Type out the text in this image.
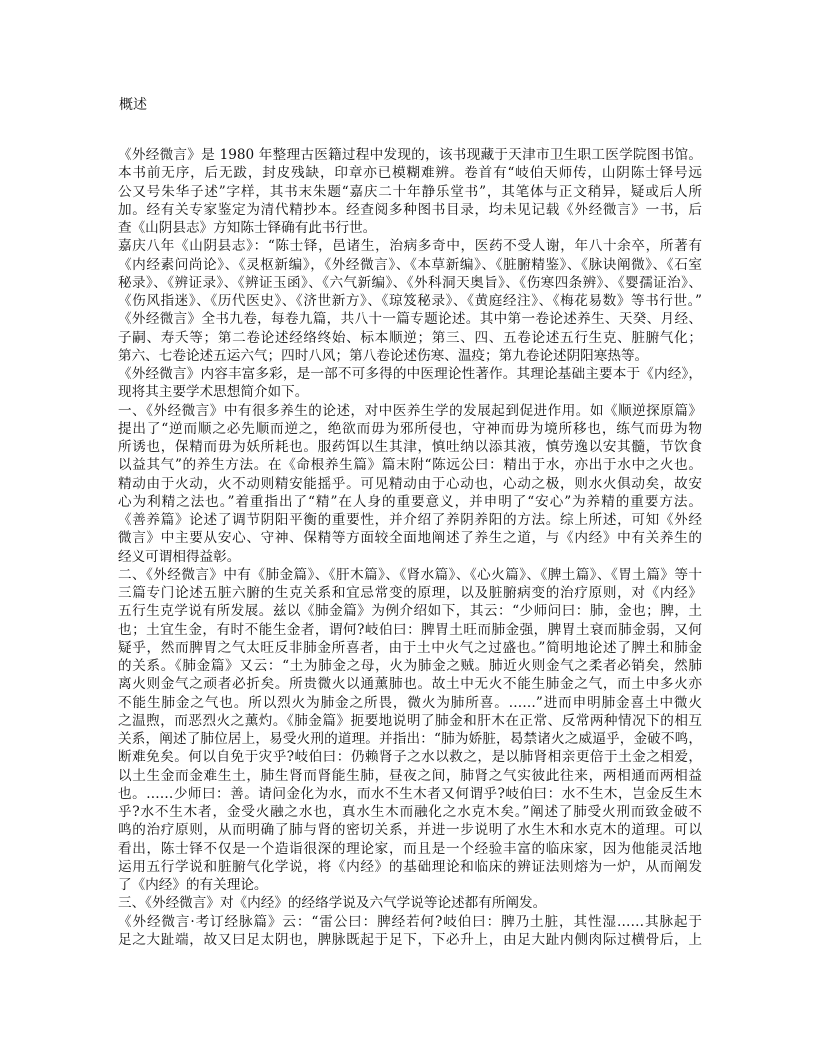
概述
《外经微言》是 1980 年整理古医籍过程中发现的，该书现藏于天津市卫生职工医学院图书馆。
本书前无序，后无跋，封皮残缺，印章亦已模糊难辨。卷首有“岐伯天师传，山阴陈士铎号远
公又号朱华子述”字样，其书末朱题“嘉庆二十年静乐堂书”，其笔体与正文稍异，疑或后人所
加。经有关专家鉴定为清代精抄本。经查阅多种图书目录，均未见记载《外经微言》一书，后
查《山阴县志》方知陈士铎确有此书行世。
嘉庆八年《山阴县志》：“陈士铎，邑诸生，治病多奇中，医药不受人谢，年八十余卒，所著有
《内经素问尚论》、《灵枢新编》，《外经微言》、《本草新编》、《脏腑精鉴》、《脉诀阐微》、《石室
秘录》、《辨证录》、《辨证玉函》、《六气新编》、《外科洞天奥旨》、《伤寒四条辨》、《婴孺证治》、
《伤风指迷》、《历代医史》、《济世新方》、《琼笈秘录》、《黄庭经注》、《梅花易数》等书行世。”
《外经微言》全书九卷，每卷九篇，共八十一篇专题论述。其中第一卷论述养生、天癸、月经、
子嗣、寿夭等；第二卷论述经络终始、标本顺逆；第三、四、五卷论述五行生克、脏腑气化；
第六、七卷论述五运六气；四时八风；第八卷论述伤寒、温疫；第九卷论述阴阳寒热等。
《外经微言》内容丰富多彩，是一部不可多得的中医理论性著作。其理论基础主要本于《内经》，
现将其主要学术思想简介如下。
一、《外经微言》中有很多养生的论述，对中医养生学的发展起到促进作用。如《顺逆探原篇》
提出了“逆而顺之必先顺而逆之，绝欲而毋为邪所侵也，守神而毋为境所移也，练气而毋为物
所诱也，保精而毋为妖所耗也。服药饵以生其津，慎吐纳以添其液，慎劳逸以安其髓，节饮食
以益其气”的养生方法。在《命根养生篇》篇末附“陈远公曰：精出于水，亦出于水中之火也。
精动由于火动，火不动则精安能摇乎。可见精动由于心动也，心动之极，则水火俱动矣，故安
心为利精之法也。”着重指出了“精”在人身的重要意义，并申明了“安心”为养精的重要方法。
《善养篇》论述了调节阴阳平衡的重要性，并介绍了养阴养阳的方法。综上所述，可知《外经
微言》中主要从安心、守神、保精等方面较全面地阐述了养生之道，与《内经》中有关养生的
经义可谓相得益彰。
二、《外经微言》中有《肺金篇》、《肝木篇》、《肾水篇》、《心火篇》、《脾土篇》、《胃土篇》等十
三篇专门论述五脏六腑的生克关系和宜忌常变的原理，以及脏腑病变的治疗原则，对《内经》
五行生克学说有所发展。兹以《肺金篇》为例介绍如下，其云：“少师问曰：肺，金也；脾，土
也；土宜生金，有时不能生金者，谓何?岐伯曰：脾胃土旺而肺金强，脾胃土衰而肺金弱，又何
疑乎，然而脾胃之气太旺反非肺金所喜者，由于土中火气之过盛也。”简明地论述了脾土和肺金
的关系。《肺金篇》又云：“土为肺金之母，火为肺金之贼。肺近火则金气之柔者必销矣，然肺
离火则金气之顽者必折矣。所贵微火以通薰肺也。故土中无火不能生肺金之气，而土中多火亦
不能生肺金之气也。所以烈火为肺金之所畏，微火为肺所喜。……”进而申明肺金喜土中微火
之温煦，而恶烈火之薰灼。《肺金篇》扼要地说明了肺金和肝木在正常、反常两种情况下的相互
关系，阐述了肺位居上，易受火刑的道理。并指出：“肺为娇脏，曷禁诸火之威逼乎，金破不鸣，
断难免矣。何以自免于灾乎?岐伯曰：仍赖肾子之水以救之，是以肺肾相亲更倍于土金之相爱，
以土生金而金难生土，肺生肾而肾能生肺，昼夜之间，肺肾之气实彼此往来，两相通而两相益
也。……少师曰：善。请问金化为水，而水不生木者又何谓乎?岐伯曰：水不生木，岂金反生木
乎?水不生木者，金受火融之水也，真水生木而融化之水克木矣。”阐述了肺受火刑而致金破不
鸣的治疗原则，从而明确了肺与肾的密切关系，并进一步说明了水生木和水克木的道理。可以
看出，陈士铎不仅是一个造诣很深的理论家，而且是一个经验丰富的临床家，因为他能灵活地
运用五行学说和脏腑气化学说，将《内经》的基础理论和临床的辨证法则熔为一炉，从而阐发
了《内经》的有关理论。
三、《外经微言》对《内经》的经络学说及六气学说等论述都有所阐发。
《外经微言·考订经脉篇》云：“雷公曰：脾经若何?岐伯曰：脾乃土脏，其性湿……其脉起于
足之大趾端，故又曰足太阴也，脾脉既起于足下，下必升上，由足大趾内侧肉际过横骨后，上
